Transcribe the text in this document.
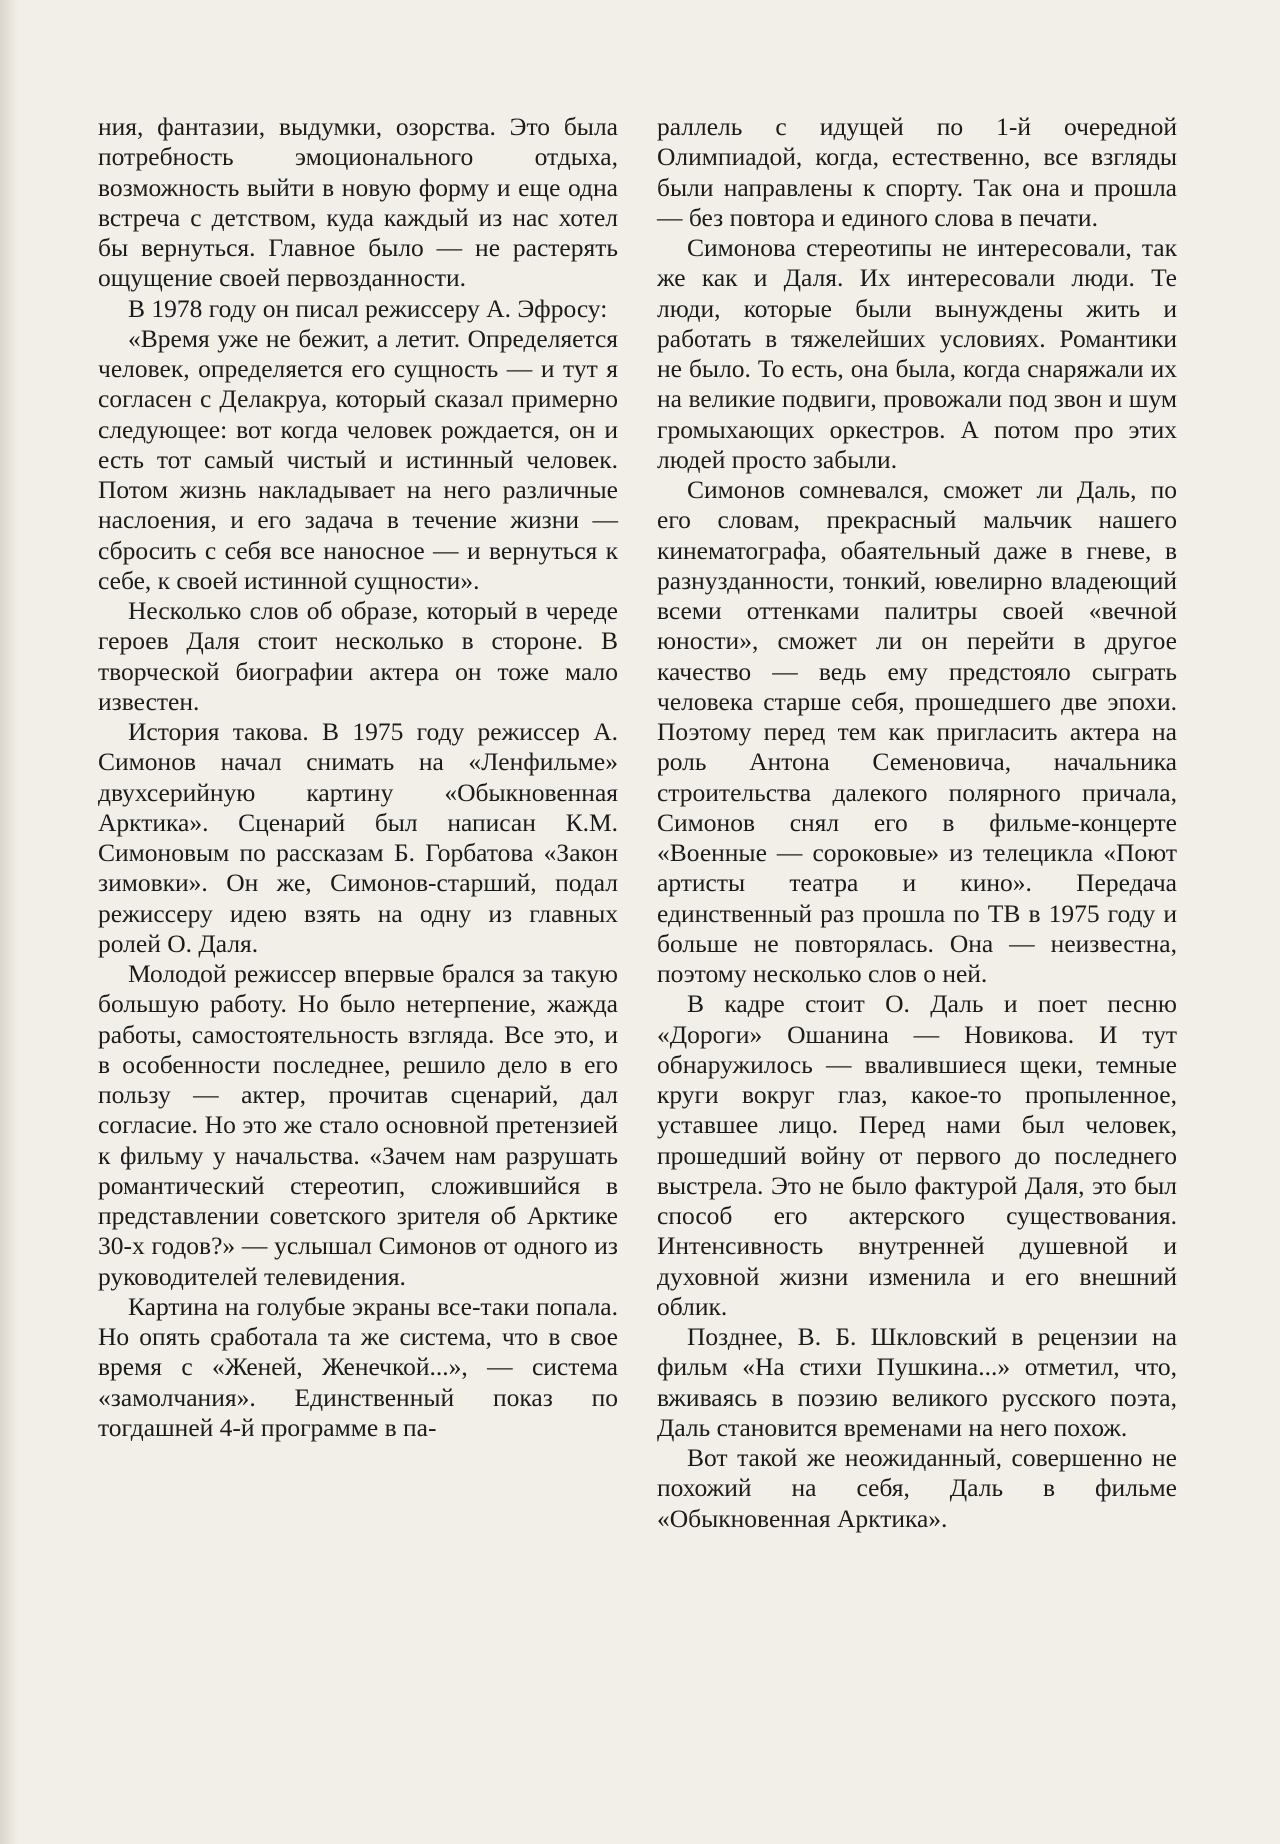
ния, фантазии, выдумки, озорства. Это была потребность эмоционального отдыха, возможность выйти в новую форму и еще одна встреча с детством, куда каждый из нас хотел бы вернуться. Главное было — не растерять ощущение своей первозданности.

В 1978 году он писал режиссеру А. Эфросу:

«Время уже не бежит, а летит. Определяется человек, определяется его сущность — и тут я согласен с Делакруа, который сказал примерно следующее: вот когда человек рождается, он и есть тот самый чистый и истинный человек. Потом жизнь накладывает на него различные наслоения, и его задача в течение жизни — сбросить с себя все наносное — и вернуться к себе, к своей истинной сущности».

Несколько слов об образе, который в череде героев Даля стоит несколько в стороне. В творческой биографии актера он тоже мало известен.

История такова. В 1975 году режиссер А. Симонов начал снимать на «Ленфильме» двухсерийную картину «Обыкновенная Арктика». Сценарий был написан К.М. Симоновым по рассказам Б. Горбатова «Закон зимовки». Он же, Симонов-старший, подал режиссеру идею взять на одну из главных ролей О. Даля.

Молодой режиссер впервые брался за такую большую работу. Но было нетерпение, жажда работы, самостоятельность взгляда. Все это, и в особенности последнее, решило дело в его пользу — актер, прочитав сценарий, дал согласие. Но это же стало основной претензией к фильму у начальства. «Зачем нам разрушать романтический стереотип, сложившийся в представлении советского зрителя об Арктике 30-х годов?» — услышал Симонов от одного из руководителей телевидения.

Картина на голубые экраны все-таки попала. Но опять сработала та же система, что в свое время с «Женей, Женечкой...», — система «замолчания». Единственный показ по тогдашней 4-й программе в па-

раллель с идущей по 1-й очередной Олимпиадой, когда, естественно, все взгляды были направлены к спорту. Так она и прошла — без повтора и единого слова в печати.

Симонова стереотипы не интересовали, так же как и Даля. Их интересовали люди. Те люди, которые были вынуждены жить и работать в тяжелейших условиях. Романтики не было. То есть, она была, когда снаряжали их на великие подвиги, провожали под звон и шум громыхающих оркестров. А потом про этих людей просто забыли.

Симонов сомневался, сможет ли Даль, по его словам, прекрасный мальчик нашего кинематографа, обаятельный даже в гневе, в разнузданности, тонкий, ювелирно владеющий всеми оттенками палитры своей «вечной юности», сможет ли он перейти в другое качество — ведь ему предстояло сыграть человека старше себя, прошедшего две эпохи. Поэтому перед тем как пригласить актера на роль Антона Семеновича, начальника строительства далекого полярного причала, Симонов снял его в фильме-концерте «Военные — сороковые» из телецикла «Поют артисты театра и кино». Передача единственный раз прошла по ТВ в 1975 году и больше не повторялась. Она — неизвестна, поэтому несколько слов о ней.

В кадре стоит О. Даль и поет песню «Дороги» Ошанина — Новикова. И тут обнаружилось — ввалившиеся щеки, темные круги вокруг глаз, какое-то пропыленное, уставшее лицо. Перед нами был человек, прошедший войну от первого до последнего выстрела. Это не было фактурой Даля, это был способ его актерского существования. Интенсивность внутренней душевной и духовной жизни изменила и его внешний облик.

Позднее, В. Б. Шкловский в рецензии на фильм «На стихи Пушкина...» отметил, что, вживаясь в поэзию великого русского поэта, Даль становится временами на него похож.

Вот такой же неожиданный, совершенно не похожий на себя, Даль в фильме «Обыкновенная Арктика».
